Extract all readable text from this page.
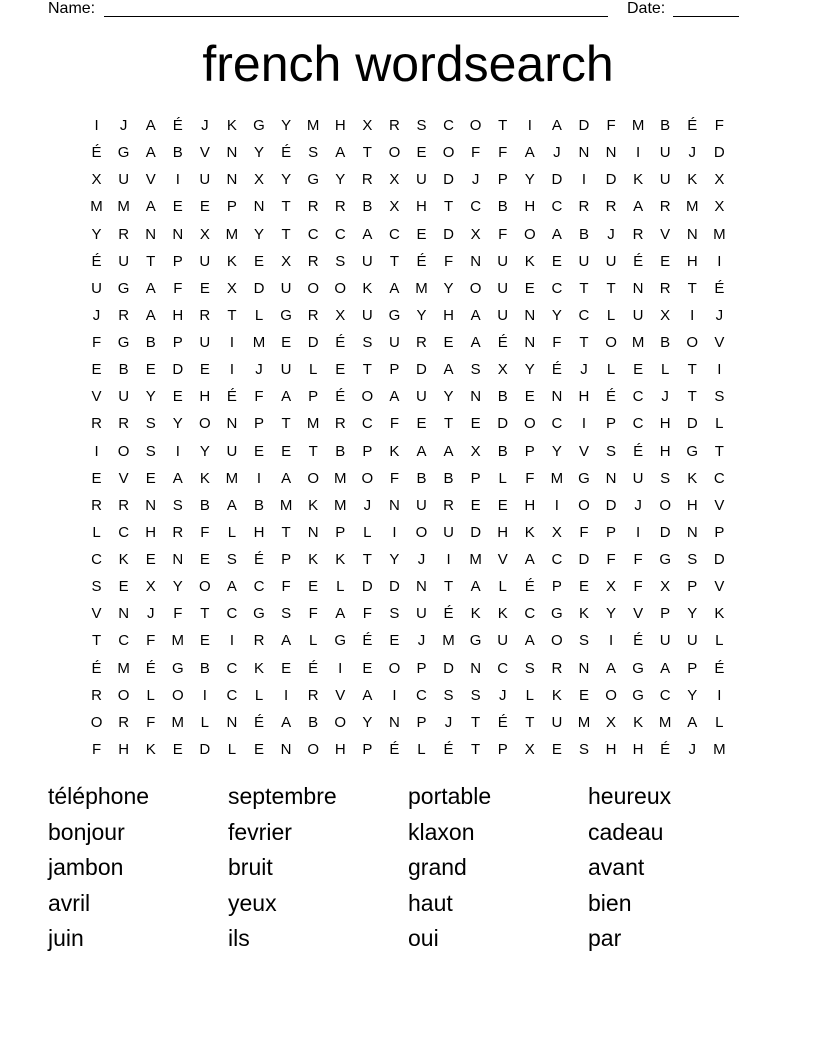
Name:	Date:
french wordsearch
I	J	A	É	J	K	G	Y	M	H	X	R	S	C	O	T	I	A	D	F	M	B	É	F
É	G	A	B	V	N	Y	É	S	A	T	O	E	O	F	F	A	J	N	N	I	U	J	D
X	U	V	I	U	N	X	Y	G	Y	R	X	U	D	J	P	Y	D	I	D	K	U	K	X
M M	A	E	E	P	N	T	R	R	B	X	H	T	C	B	H	C	R	R	A	R	M	X
Y	R	N	N	X	M	Y	T	C	C	A	C	E	D	X	F	O	A	B	J	R	V	N	M
É	U	T	P	U	K	E	X	R	S	U	T	É	F	N	U	K	E	U	U	É	E	H	I
U	G	A	F	E	X	D	U	O	O	K	A	M	Y	O	U	E	C	T	T	N	R	T	É
J	R	A	H	R	T	L	G	R	X	U	G	Y	H	A	U	N	Y	C	L	U	X	I	J
F	G	B	P	U	I	M	E	D	É	S	U	R	E	A	É	N	F	T	O M	B	O	V
E	B	E	D	E	I	J	U	L	E	T	P	D	A	S	X	Y	É	J	L	E	L	T	I
V	U	Y	E	H	É	F	A	P	É	O	A	U	Y	N	B	E	N	H	É	C	J	T	S
R	R	S	Y	O	N	P	T	M	R	C	F	E	T	E	D	O	C	I	P	C	H	D	L
I	O	S	I	Y	U	E	E	T	B	P	K	A	A	X	B	P	Y	V	S	É	H	G	T
E	V	E	A	K	M	I	A	O M	O	F	B	B	P	L	F	M	G	N	U	S	K	C
R	R	N	S	B	A	B	M	K	M	J	N	U	R	E	E	H	I	O	D	J	O	H	V
L	C	H	R	F	L	H	T	N	P	L	I	O	U	D	H	K	X	F	P	I	D	N	P
C	K	E	N	E	S	É	P	K	K	T	Y	J	I	M	V	A	C	D	F	F	G	S	D
S	E	X	Y	O	A	C	F	E	L	D	D	N	T	A	L	É	P	E	X	F	X	P	V
V	N	J	F	T	C	G	S	F	A	F	S	U	É	K	K	C	G	K	Y	V	P	Y	K
T	C	F	M	E	I	R	A	L	G	É	E	J	M	G	U	A	O	S	I	É	U	U	L
É	M	É	G	B	C	K	E	É	I	E	O	P	D	N	C	S	R	N	A	G	A	P	É
R	O	L	O	I	C	L	I	R	V	A	I	C	S	S	J	L	K	E	O	G	C	Y	I
O	R	F	M	L	N	É	A	B	O	Y	N	P	J	T	É	T	U	M	X	K	M	A	L
F	H	K	E	D	L	E	N	O	H	P	É	L	É	T	P	X	E	S	H	H	É	J	M
téléphone	septembre	portable	heureux
bonjour	fevrier	klaxon	cadeau
jambon	bruit	grand	avant
avril	yeux	haut	bien
juin	ils	oui	par
